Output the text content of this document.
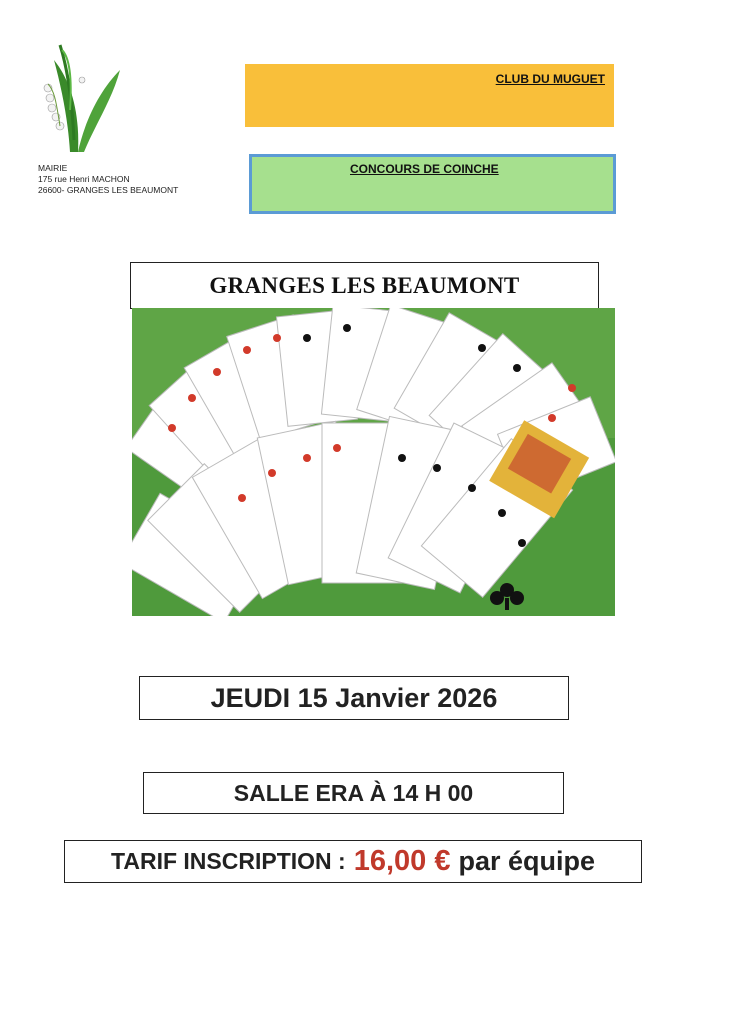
MAIRIE
175 rue Henri MACHON
26600- GRANGES LES BEAUMONT
CLUB DU MUGUET
CONCOURS DE COINCHE
GRANGES LES BEAUMONT
JEUDI 15 Janvier 2026
SALLE ERA À 14 H 00
TARIF INSCRIPTION : 16,00 € par équipe
